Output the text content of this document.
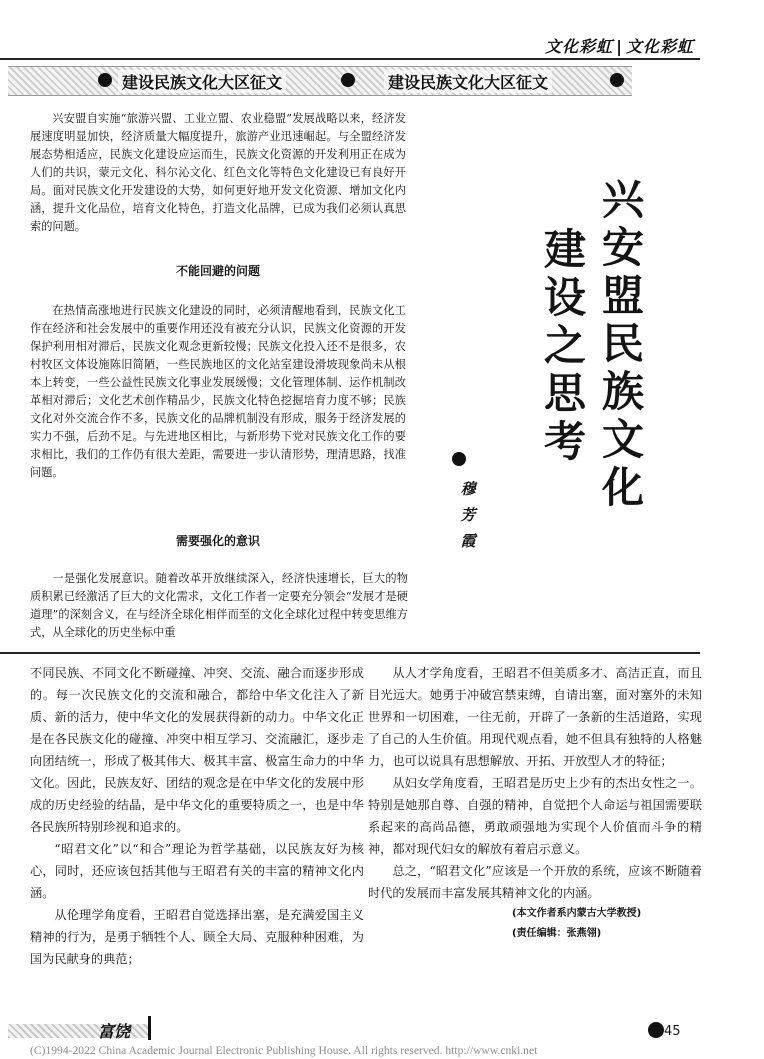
文化彩虹 | 文化彩虹
建设民族文化大区征文	建设民族文化大区征文
兴安盟民族文化
建设之思考
穆芳霞

兴安盟自实施“旅游兴盟、工业立盟、农业稳盟”发展战略以来，经济发展速度明显加快，经济质量大幅度提升，旅游产业迅速崛起。与全盟经济发展态势相适应，民族文化建设应运而生，民族文化资源的开发利用正在成为人们的共识，蒙元文化、科尔沁文化、红色文化等特色文化建设已有良好开局。面对民族文化开发建设的大势，如何更好地开发文化资源、增加文化内涵，提升文化品位，培育文化特色，打造文化品牌，已成为我们必须认真思索的问题。

不能回避的问题

在热情高涨地进行民族文化建设的同时，必须清醒地看到，民族文化工作在经济和社会发展中的重要作用还没有被充分认识，民族文化资源的开发保护利用相对滞后，民族文化观念更新较慢；民族文化投入还不是很多，农村牧区文体设施陈旧简陋，一些民族地区的文化站室建设滑坡现象尚未从根本上转变，一些公益性民族文化事业发展缓慢；文化管理体制、运作机制改革相对滞后；文化艺术创作精品少，民族文化特色挖掘培育力度不够；民族文化对外交流合作不多，民族文化的品牌机制没有形成，服务于经济发展的实力不强，后劲不足。与先进地区相比，与新形势下党对民族文化工作的要求相比，我们的工作仍有很大差距，需要进一步认清形势，理清思路，找准问题。

需要强化的意识

一是强化发展意识。随着改革开放继续深入，经济快速增长，巨大的物质积累已经激活了巨大的文化需求，文化工作者一定要充分领会“发展才是硬道理”的深刻含义，在与经济全球化相伴而至的文化全球化过程中转变思维方式，从全球化的历史坐标中重

不同民族、不同文化不断碰撞、冲突、交流、融合而逐步形成的。每一次民族文化的交流和融合，都给中华文化注入了新质、新的活力，使中华文化的发展获得新的动力。中华文化正是在各民族文化的碰撞、冲突中相互学习、交流融汇，逐步走向团结统一，形成了极其伟大、极其丰富、极富生命力的中华文化。因此，民族友好、团结的观念是在中华文化的发展中形成的历史经验的结晶，是中华文化的重要特质之一，也是中华各民族所特别珍视和追求的。

“昭君文化”以“和合”理论为哲学基础，以民族友好为核心，同时，还应该包括其他与王昭君有关的丰富的精神文化内涵。

从伦理学角度看，王昭君自觉选择出塞，是充满爱国主义精神的行为，是勇于牺牲个人、顾全大局、克服种种困难，为国为民献身的典范；

从人才学角度看，王昭君不但美质多才、高洁正直，而且目光远大。她勇于冲破宫禁束缚，自请出塞，面对塞外的未知世界和一切困难，一往无前，开辟了一条新的生活道路，实现了自己的人生价值。用现代观点看，她不但具有独特的人格魅力，也可以说具有思想解放、开拓、开放型人才的特征；

从妇女学角度看，王昭君是历史上少有的杰出女性之一。特别是她那自尊、自强的精神，自觉把个人命运与祖国需要联系起来的高尚品德，勇敢顽强地为实现个人价值而斗争的精神，都对现代妇女的解放有着启示意义。

总之，“昭君文化”应该是一个开放的系统，应该不断随着时代的发展而丰富发展其精神文化的内涵。

(本文作者系内蒙古大学教授)

(责任编辑：张燕翎)

富饶	45
(C)1994-2022 China Academic Journal Electronic Publishing House. All rights reserved. http://www.cnki.net
